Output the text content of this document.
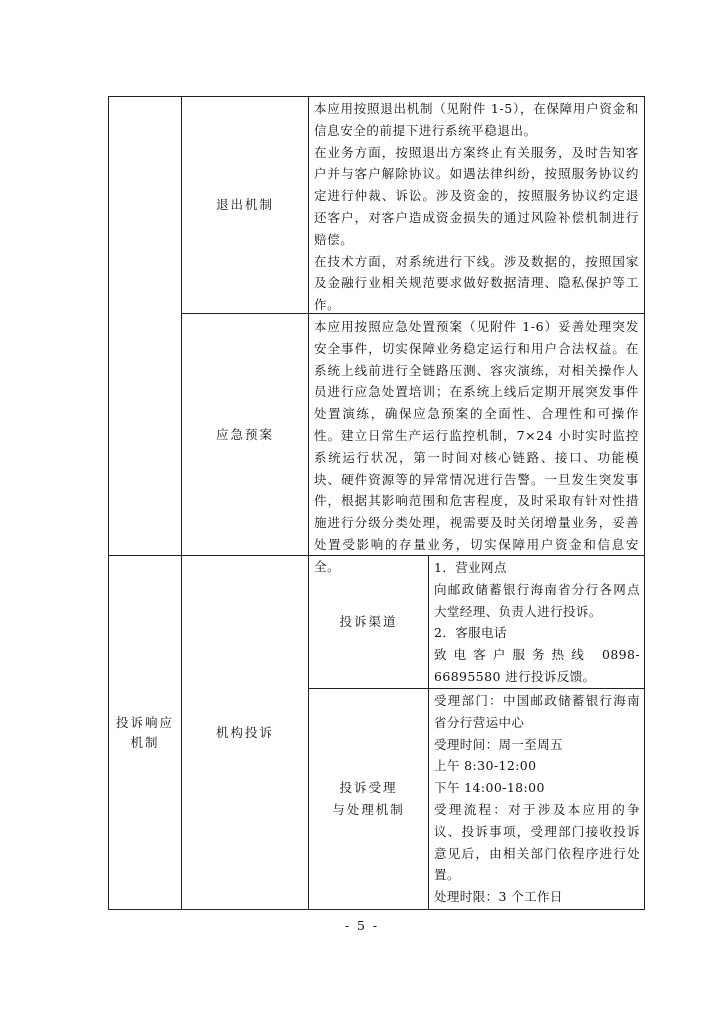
退出机制

本应用按照退出机制（见附件 1-5），在保障用户资金和信息安全的前提下进行系统平稳退出。

在业务方面，按照退出方案终止有关服务，及时告知客户并与客户解除协议。如遇法律纠纷，按照服务协议约定进行仲裁、诉讼。涉及资金的，按照服务协议约定退还客户，对客户造成资金损失的通过风险补偿机制进行赔偿。

在技术方面，对系统进行下线。涉及数据的，按照国家及金融行业相关规范要求做好数据清理、隐私保护等工作。

应急预案

本应用按照应急处置预案（见附件 1-6）妥善处理突发安全事件，切实保障业务稳定运行和用户合法权益。在系统上线前进行全链路压测、容灾演练，对相关操作人员进行应急处置培训；在系统上线后定期开展突发事件处置演练，确保应急预案的全面性、合理性和可操作性。建立日常生产运行监控机制，7×24 小时实时监控系统运行状况，第一时间对核心链路、接口、功能模块、硬件资源等的异常情况进行告警。一旦发生突发事件，根据其影响范围和危害程度，及时采取有针对性措施进行分级分类处理，视需要及时关闭增量业务，妥善处置受影响的存量业务，切实保障用户资金和信息安全。

投诉响应
机制
机构投诉
投诉渠道

1．营业网点

向邮政储蓄银行海南省分行各网点大堂经理、负责人进行投诉。

2．客服电话

致电客户服务热线 0898-66895580 进行投诉反馈。

投诉受理
与处理机制

受理部门：中国邮政储蓄银行海南省分行营运中心

受理时间：周一至周五

上午 8:30-12:00

下午 14:00-18:00

受理流程：对于涉及本应用的争议、投诉事项，受理部门接收投诉意见后，由相关部门依程序进行处置。

处理时限：3 个工作日

- 5 -
